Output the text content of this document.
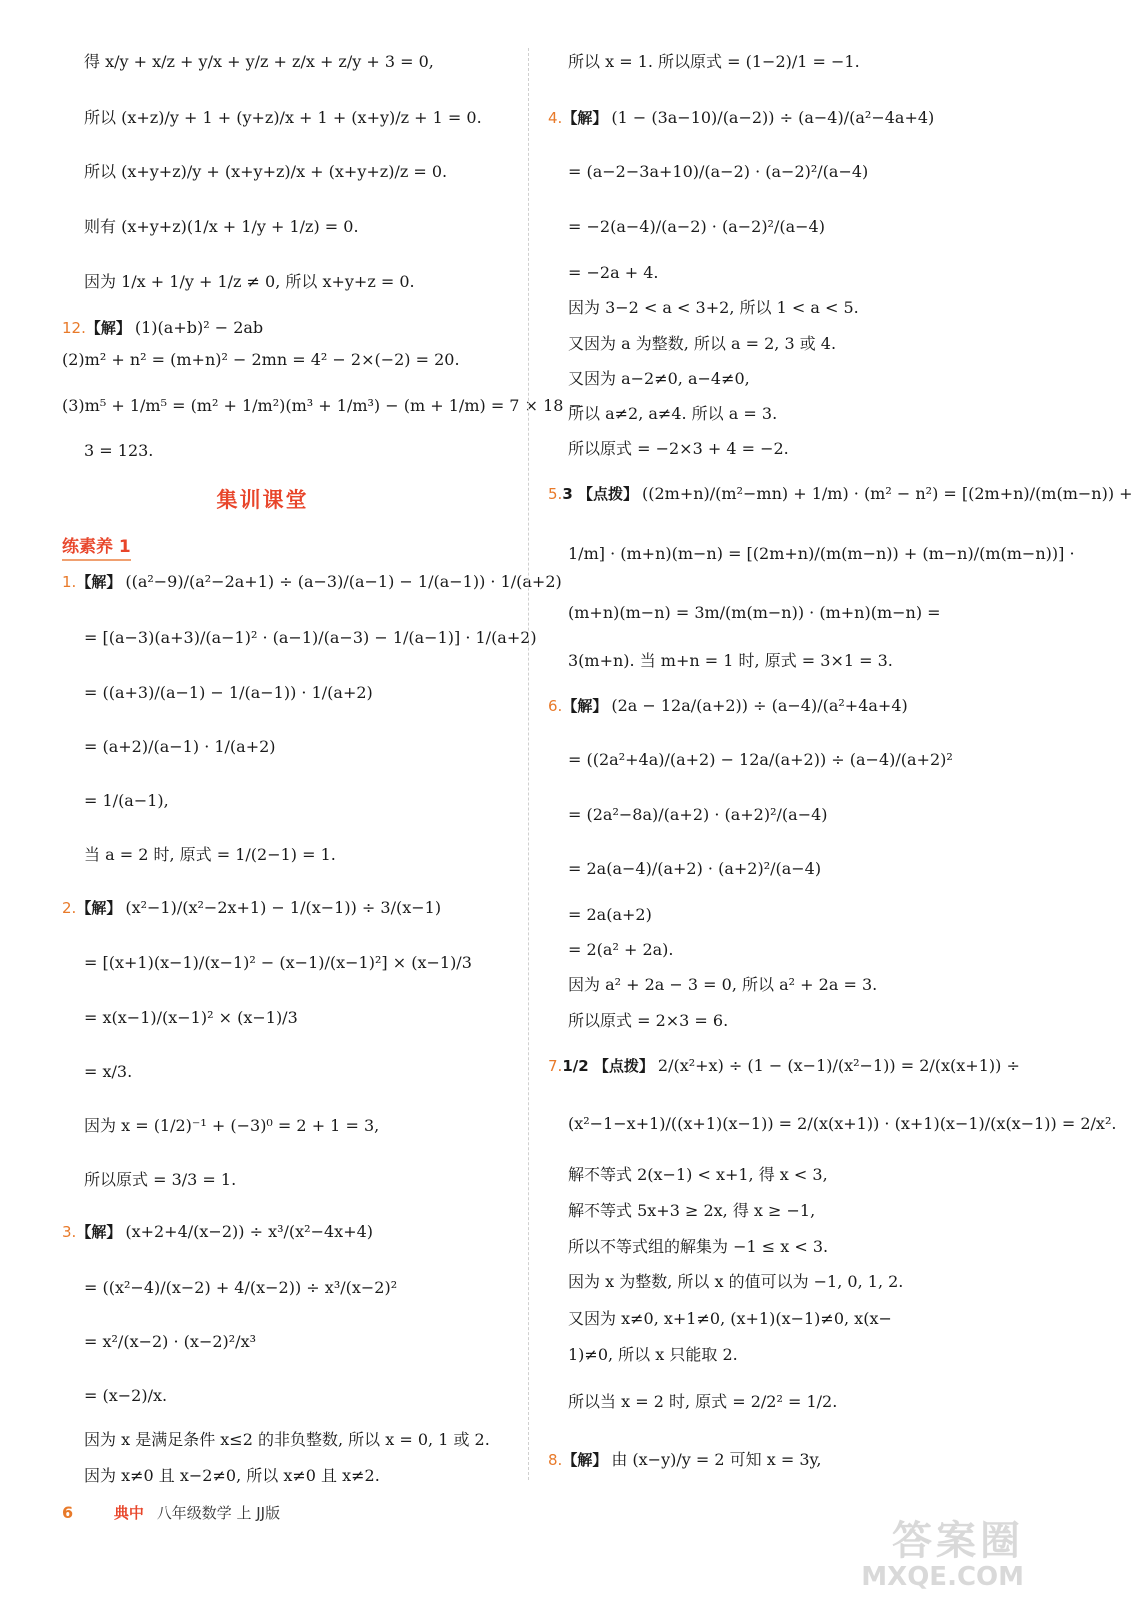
得 x/y + x/z + y/x + y/z + z/x + z/y + 3 = 0,
所以 (x+z)/y + 1 + (y+z)/x + 1 + (x+y)/z + 1 = 0.
所以 (x+y+z)/y + (x+y+z)/x + (x+y+z)/z = 0.
则有 (x+y+z)(1/x + 1/y + 1/z) = 0.
因为 1/x + 1/y + 1/z ≠ 0, 所以 x+y+z = 0.
12.【解】 (1)(a+b)² − 2ab
(2)m² + n² = (m+n)² − 2mn = 4² − 2×(−2) = 20.
(3)m⁵ + 1/m⁵ = (m² + 1/m²)(m³ + 1/m³) − (m + 1/m) = 7 × 18 −
3 = 123.
1.【解】 ((a²−9)/(a²−2a+1) ÷ (a−3)/(a−1) − 1/(a−1)) · 1/(a+2)
= [(a−3)(a+3)/(a−1)² · (a−1)/(a−3) − 1/(a−1)] · 1/(a+2)
= ((a+3)/(a−1) − 1/(a−1)) · 1/(a+2)
= (a+2)/(a−1) · 1/(a+2)
= 1/(a−1),
当 a = 2 时, 原式 = 1/(2−1) = 1.
2.【解】 (x²−1)/(x²−2x+1) − 1/(x−1)) ÷ 3/(x−1)
= [(x+1)(x−1)/(x−1)² − (x−1)/(x−1)²] × (x−1)/3
= x(x−1)/(x−1)² × (x−1)/3
= x/3.
因为 x = (1/2)⁻¹ + (−3)⁰ = 2 + 1 = 3,
所以原式 = 3/3 = 1.
3.【解】 (x+2+4/(x−2)) ÷ x³/(x²−4x+4)
= ((x²−4)/(x−2) + 4/(x−2)) ÷ x³/(x−2)²
= x²/(x−2) · (x−2)²/x³
= (x−2)/x.
因为 x 是满足条件 x≤2 的非负整数, 所以 x = 0, 1 或 2.
因为 x≠0 且 x−2≠0, 所以 x≠0 且 x≠2.
所以 x = 1. 所以原式 = (1−2)/1 = −1.
4.【解】 (1 − (3a−10)/(a−2)) ÷ (a−4)/(a²−4a+4)
= (a−2−3a+10)/(a−2) · (a−2)²/(a−4)
= −2(a−4)/(a−2) · (a−2)²/(a−4)
= −2a + 4.
因为 3−2 < a < 3+2, 所以 1 < a < 5.
又因为 a 为整数, 所以 a = 2, 3 或 4.
又因为 a−2≠0, a−4≠0,
所以 a≠2, a≠4. 所以 a = 3.
所以原式 = −2×3 + 4 = −2.
5.3 【点拨】 ((2m+n)/(m²−mn) + 1/m) · (m² − n²) = [(2m+n)/(m(m−n)) +
1/m] · (m+n)(m−n) = [(2m+n)/(m(m−n)) + (m−n)/(m(m−n))] ·
(m+n)(m−n) = 3m/(m(m−n)) · (m+n)(m−n) =
3(m+n). 当 m+n = 1 时, 原式 = 3×1 = 3.
6.【解】 (2a − 12a/(a+2)) ÷ (a−4)/(a²+4a+4)
= ((2a²+4a)/(a+2) − 12a/(a+2)) ÷ (a−4)/(a+2)²
= (2a²−8a)/(a+2) · (a+2)²/(a−4)
= 2a(a−4)/(a+2) · (a+2)²/(a−4)
= 2a(a+2)
= 2(a² + 2a).
因为 a² + 2a − 3 = 0, 所以 a² + 2a = 3.
所以原式 = 2×3 = 6.
7.1/2 【点拨】 2/(x²+x) ÷ (1 − (x−1)/(x²−1)) = 2/(x(x+1)) ÷
(x²−1−x+1)/((x+1)(x−1)) = 2/(x(x+1)) · (x+1)(x−1)/(x(x−1)) = 2/x².
解不等式 2(x−1) < x+1, 得 x < 3,
解不等式 5x+3 ≥ 2x, 得 x ≥ −1,
所以不等式组的解集为 −1 ≤ x < 3.
因为 x 为整数, 所以 x 的值可以为 −1, 0, 1, 2.
又因为 x≠0, x+1≠0, (x+1)(x−1)≠0, x(x−
1)≠0, 所以 x 只能取 2.
所以当 x = 2 时, 原式 = 2/2² = 1/2.
8.【解】 由 (x−y)/y = 2 可知 x = 3y,
集训课堂
练素养 1
6	典中 八年级数学 上 JJ版
答案圈
MXQE.COM
